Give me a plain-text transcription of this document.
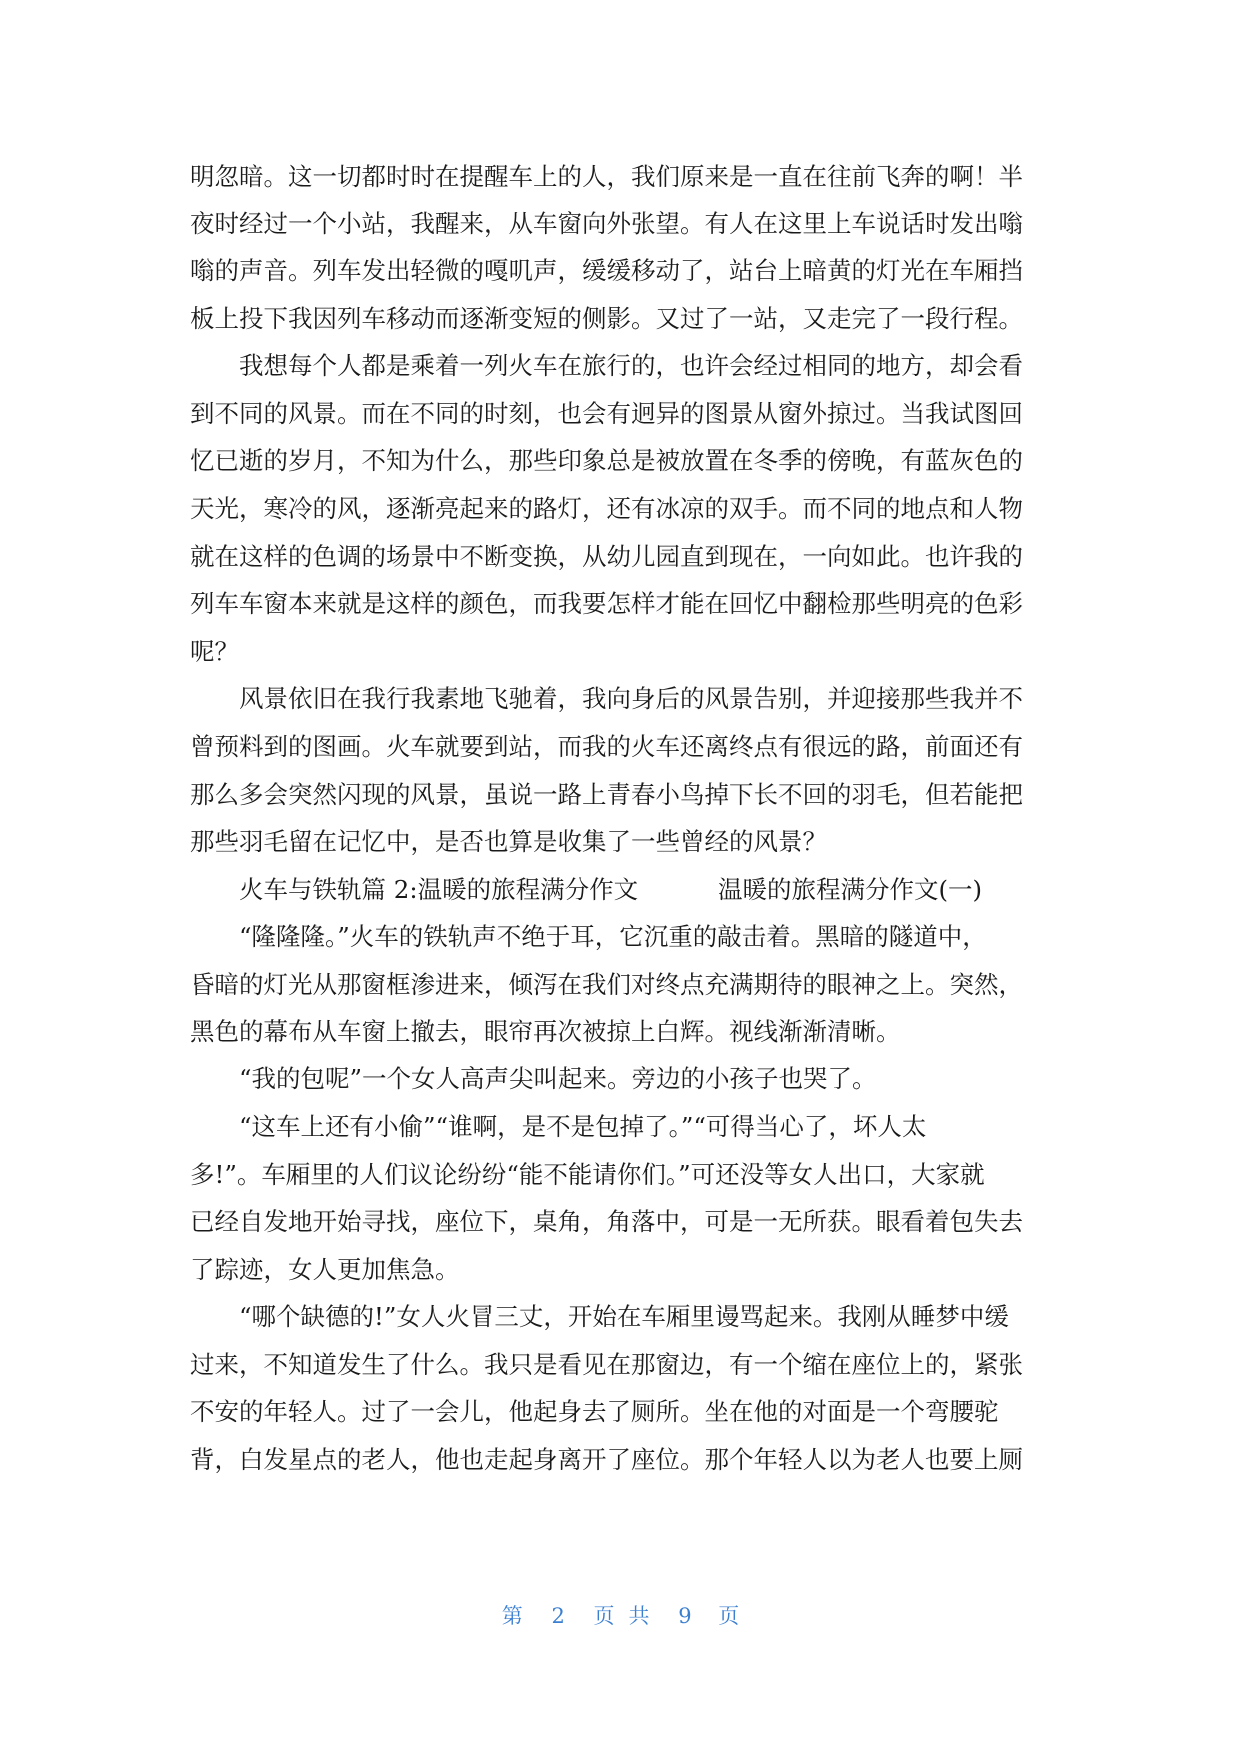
明忽暗。这一切都时时在提醒车上的人，我们原来是一直在往前飞奔的啊！半
夜时经过一个小站，我醒来，从车窗向外张望。有人在这里上车说话时发出嗡
嗡的声音。列车发出轻微的嘎叽声，缓缓移动了，站台上暗黄的灯光在车厢挡
板上投下我因列车移动而逐渐变短的侧影。又过了一站，又走完了一段行程。
我想每个人都是乘着一列火车在旅行的，也许会经过相同的地方，却会看
到不同的风景。而在不同的时刻，也会有迥异的图景从窗外掠过。当我试图回
忆已逝的岁月，不知为什么，那些印象总是被放置在冬季的傍晚，有蓝灰色的
天光，寒冷的风，逐渐亮起来的路灯，还有冰凉的双手。而不同的地点和人物
就在这样的色调的场景中不断变换，从幼儿园直到现在，一向如此。也许我的
列车车窗本来就是这样的颜色，而我要怎样才能在回忆中翻检那些明亮的色彩
呢？
风景依旧在我行我素地飞驰着，我向身后的风景告别，并迎接那些我并不
曾预料到的图画。火车就要到站，而我的火车还离终点有很远的路，前面还有
那么多会突然闪现的风景，虽说一路上青春小鸟掉下长不回的羽毛，但若能把
那些羽毛留在记忆中，是否也算是收集了一些曾经的风景？
火车与铁轨篇 2:温暖的旅程满分作文	温暖的旅程满分作文(一)
“隆隆隆。”火车的铁轨声不绝于耳，它沉重的敲击着。黑暗的隧道中，
昏暗的灯光从那窗框渗进来，倾泻在我们对终点充满期待的眼神之上。突然，
黑色的幕布从车窗上撤去，眼帘再次被掠上白辉。视线渐渐清晰。
“我的包呢”一个女人高声尖叫起来。旁边的小孩子也哭了。
“这车上还有小偷”“谁啊，是不是包掉了。”“可得当心了，坏人太
多!”。车厢里的人们议论纷纷“能不能请你们。”可还没等女人出口，大家就
已经自发地开始寻找，座位下，桌角，角落中，可是一无所获。眼看着包失去
了踪迹，女人更加焦急。
“哪个缺德的!”女人火冒三丈，开始在车厢里谩骂起来。我刚从睡梦中缓
过来，不知道发生了什么。我只是看见在那窗边，有一个缩在座位上的，紧张
不安的年轻人。过了一会儿，他起身去了厕所。坐在他的对面是一个弯腰驼
背，白发星点的老人，他也走起身离开了座位。那个年轻人以为老人也要上厕
第 2 页共 9 页
